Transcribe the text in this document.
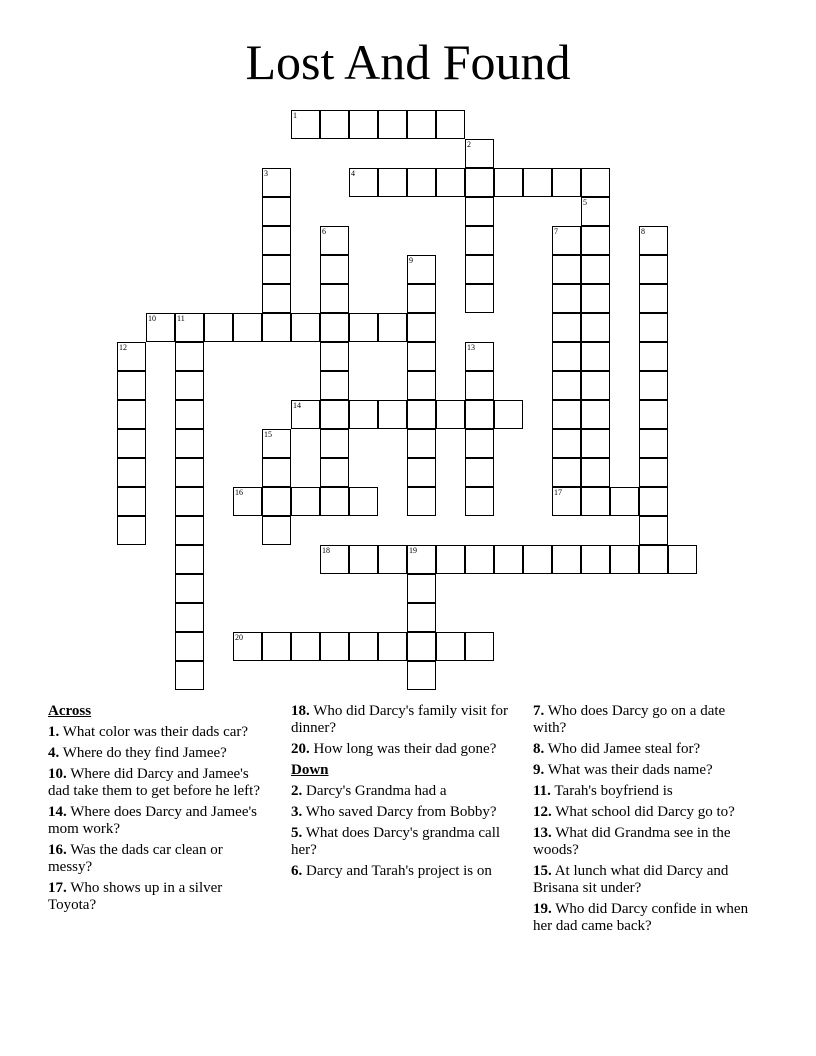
Lost And Found
1
2
3	4
5
6	7
17
8
9
10	11
12	13
14
15
16
18	19
20
Across
1. What color was their dads car?
4. Where do they find Jamee?
10. Where did Darcy and Jamee's dad take them to get before he left?
14. Where does Darcy and Jamee's mom work?
16. Was the dads car clean or messy?
17. Who shows up in a silver Toyota?
18. Who did Darcy's family visit for dinner?
20. How long was their dad gone?
Down
2. Darcy's Grandma had a
3. Who saved Darcy from Bobby?
5. What does Darcy's grandma call her?
6. Darcy and Tarah's project is on
7. Who does Darcy go on a date with?
8. Who did Jamee steal for?
9. What was their dads name?
11. Tarah's boyfriend is
12. What school did Darcy go to?
13. What did Grandma see in the woods?
15. At lunch what did Darcy and Brisana sit under?
19. Who did Darcy confide in when her dad came back?
